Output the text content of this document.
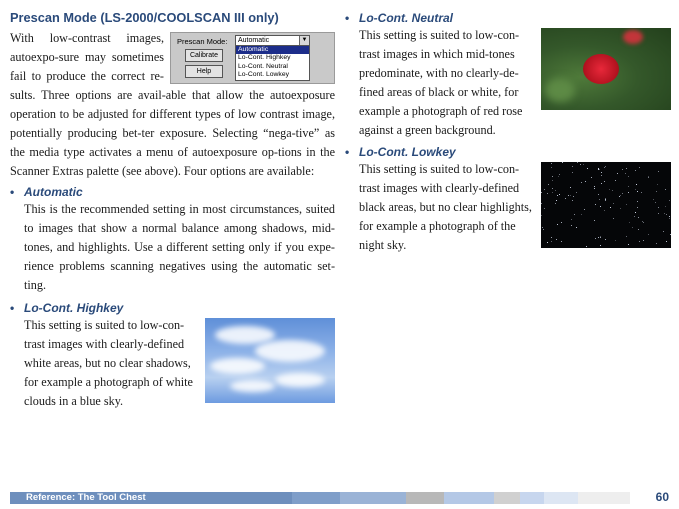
Prescan Mode (LS-2000/COOLSCAN III only)
Prescan Mode:	Automatic	▼
Calibrate
Help
Automatic
Lo-Cont. Highkey
Lo-Cont. Neutral
Lo-Cont. Lowkey
With low-contrast images, autoexpo-sure may sometimes fail to produce the correct re-sults. Three options are avail-able that allow the autoexposure operation to be adjusted for different types of low contrast image, potentially producing bet-ter exposure. Selecting “nega-tive” as the media type activates a menu of autoexposure op-tions in the Scanner Extras palette (see above). Four options are available:
• Automatic
This is the recommended setting in most circumstances, suited to images that show a normal balance among shadows, mid-tones, and highlights. Use a different setting only if you expe-rience problems scanning negatives using the automatic set-ting.
• Lo-Cont. Highkey
This setting is suited to low-con-trast images with clearly-defined white areas, but no clear shadows, for example a photograph of white clouds in a blue sky.
• Lo-Cont. Neutral
This setting is suited to low-con-trast images in which mid-tones predominate, with no clearly-de-fined areas of black or white, for example a photograph of red rose against a green background.
• Lo-Cont. Lowkey
This setting is suited to low-con-trast images with clearly-defined black areas, but no clear highlights, for example a photograph of the night sky.
Reference: The Tool Chest	60
